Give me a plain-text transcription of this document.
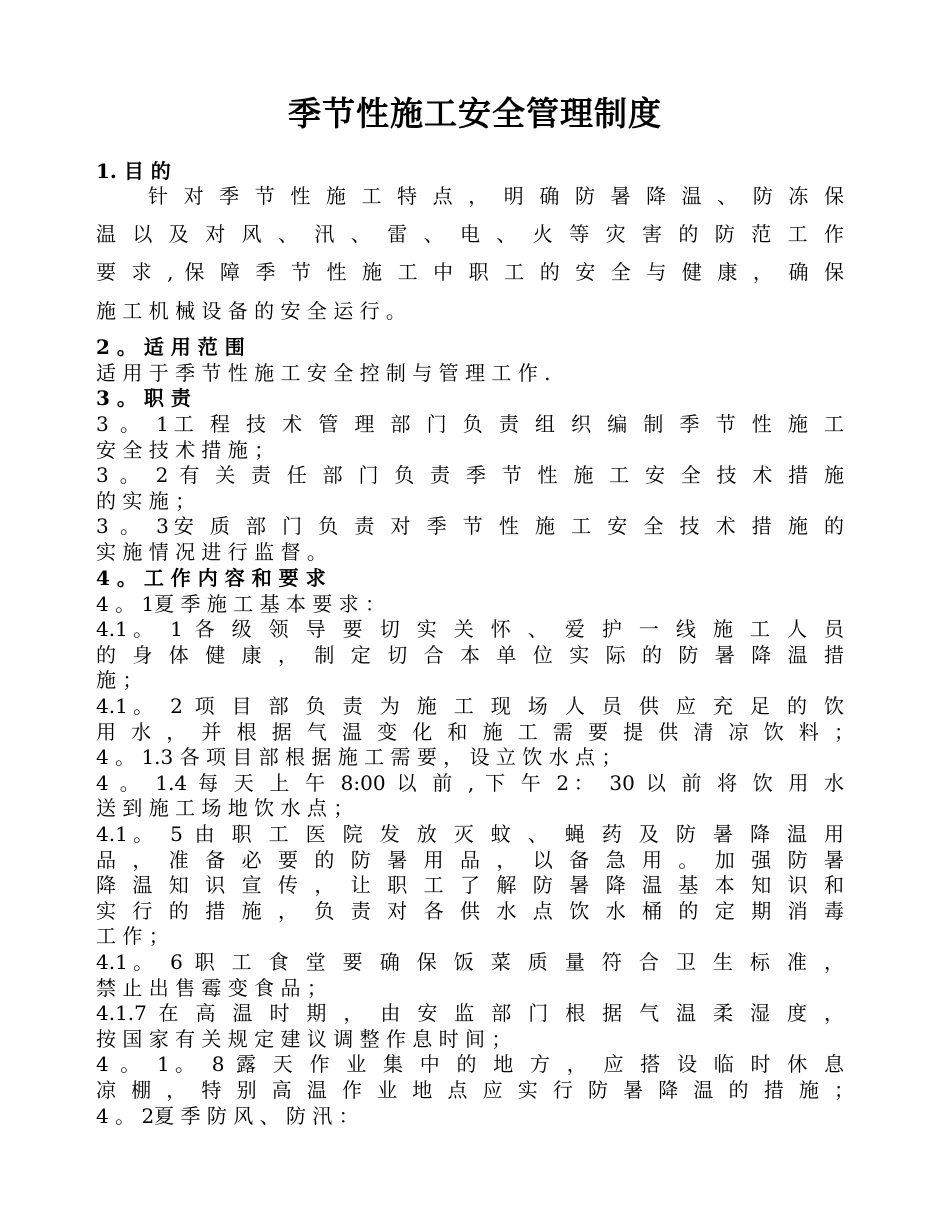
季节性施工安全管理制度
1. 目 的
针 对 季 节 性 施 工 特 点 ， 明 确 防 暑 降 温 、 防 冻 保
温 以 及 对 风 、 汛 、 雷 、 电 、 火 等 灾 害 的 防 范 工 作
要 求 , 保 障 季 节 性 施 工 中 职 工 的 安 全 与 健 康 ， 确 保
施 工 机 械 设 备 的 安 全 运 行 。
2 。 适 用 范 围
适 用 于 季 节 性 施 工 安 全 控 制 与 管 理 工 作 .
3 。 职 责
3 。 1工 程 技 术 管 理 部 门 负 责 组 织 编 制 季 节 性 施 工
安 全 技 术 措 施 ；
3 。 2 有 关 责 任 部 门 负 责 季 节 性 施 工 安 全 技 术 措 施
的 实 施 ；
3 。 3安 质 部 门 负 责 对 季 节 性 施 工 安 全 技 术 措 施 的
实 施 情 况 进 行 监 督 。
4 。 工 作 内 容 和 要 求
4 。 1夏 季 施 工 基 本 要 求 ：
4.1。 1 各 级 领 导 要 切 实 关 怀 、 爱 护 一 线 施 工 人 员
的 身 体 健 康 ， 制 定 切 合 本 单 位 实 际 的 防 暑 降 温 措
施 ；
4.1。 2 项 目 部 负 责 为 施 工 现 场 人 员 供 应 充 足 的 饮
用 水 ， 并 根 据 气 温 变 化 和 施 工 需 要 提 供 清 凉 饮 料 ；
4 。 1.3 各 项 目 部 根 据 施 工 需 要 ， 设 立 饮 水 点 ；
4 。 1.4 每 天 上 午 8:00 以 前 , 下 午 2： 30 以 前 将 饮 用 水
送 到 施 工 场 地 饮 水 点 ；
4.1。 5 由 职 工 医 院 发 放 灭 蚊 、 蝇 药 及 防 暑 降 温 用
品 ， 准 备 必 要 的 防 暑 用 品 ， 以 备 急 用 。 加 强 防 暑
降 温 知 识 宣 传 ， 让 职 工 了 解 防 暑 降 温 基 本 知 识 和
实 行 的 措 施 ， 负 责 对 各 供 水 点 饮 水 桶 的 定 期 消 毒
工 作 ；
4.1。 6 职 工 食 堂 要 确 保 饭 菜 质 量 符 合 卫 生 标 准 ，
禁 止 出 售 霉 变 食 品 ；
4.1.7 在 高 温 时 期 ， 由 安 监 部 门 根 据 气 温 柔 湿 度 ，
按 国 家 有 关 规 定 建 议 调 整 作 息 时 间 ；
4 。 1。 8 露 天 作 业 集 中 的 地 方 ， 应 搭 设 临 时 休 息
凉 棚 ， 特 别 高 温 作 业 地 点 应 实 行 防 暑 降 温 的 措 施 ；
4 。 2夏 季 防 风 、 防 汛 ：
